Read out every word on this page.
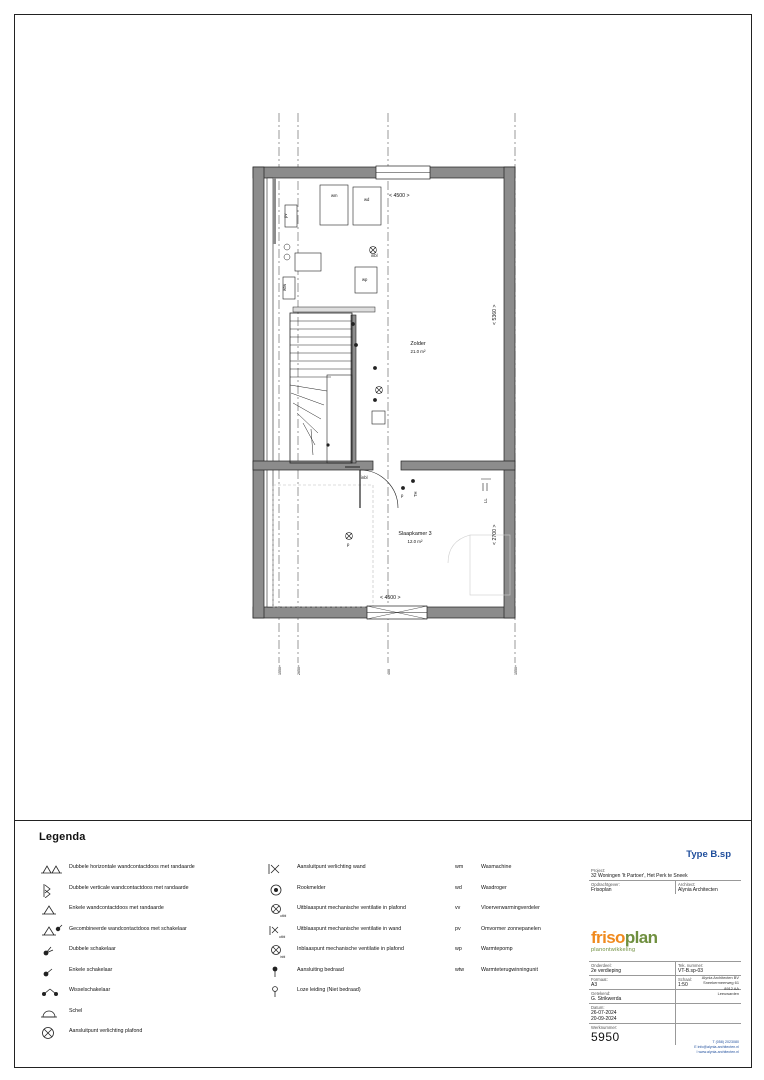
< 4500 >
< 4500 >
< 5360 >
< 2700 >
wm
wd
wp
pv
wtw
inbl
inbl
p
p
TH
LL
Zolder
21.0 m²
Slaapkamer 3
12.0 m²
1550+	2650+	400	1550+
Legenda
Dubbele horizontale wandcontactdoos met randaarde
Dubbele verticale wandcontactdoos met randaarde
Enkele wandcontactdoos met randaarde
Gecombineerde wandcontactdoos met schakelaar
Dubbele schakelaar
Enkele schakelaar
Wisselschakelaar
Schel
Aansluitpunt verlichting plafond
Aansluitpunt verlichting wand
Rookmelder
uitbl
Uitblaaspunt mechanische ventilatie in plafond
uitbl
Uitblaaspunt mechanische ventilatie in wand
inbl
Inblaaspunt mechanische ventilatie in plafond
Aansluiting bedraad
Loze leiding (Niet bedraad)
wm	Wasmachine
wd	Wasdroger
vv	Vloerverwarmingverdeler
pv	Omvormer zonnepanelen
wp	Warmtepomp
wtw	Warmteterugwinningunit
Type B.sp
Project:
32 Woningen 'It Partoer', Het Perk te Sneek
Opdrachtgever:
Frisoplan
Architect:
Alynia Architecten
frisoplan
planontwikkeling
Onderdeel:
2e verdieping
Tek. nummer:
VT-B.sp-03
Formaat:
A3
Schaal:
1:50
Getekend:
G. Strikwerda
Datum:
26-07-2024
20-09-2024
Werknummer:
5950
Alynia Architecten BV
Sneekermeerweg 61
8912 AA
Leeuwarden
T (058) 2023080
E info@alynia-architecten.nl
I www.alynia-architecten.nl
